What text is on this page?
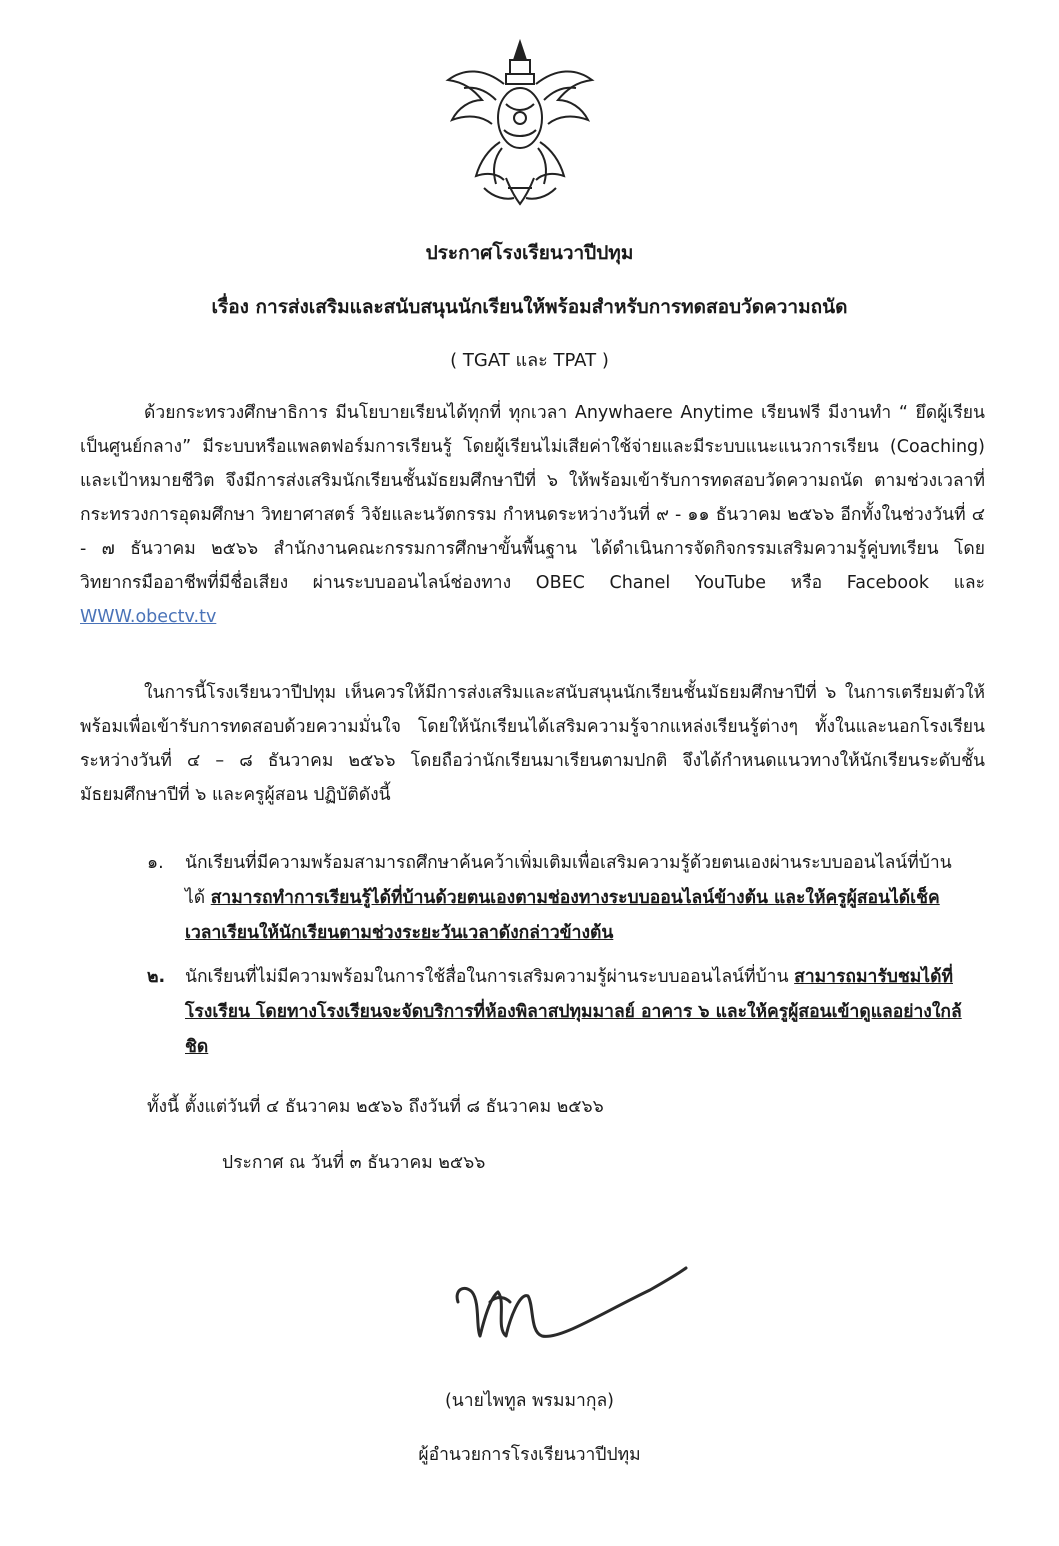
ประกาศโรงเรียนวาปีปทุม
เรื่อง การส่งเสริมและสนับสนุนนักเรียนให้พร้อมสำหรับการทดสอบวัดความถนัด
( TGAT และ TPAT )
ด้วยกระทรวงศึกษาธิการ มีนโยบายเรียนได้ทุกที่ ทุกเวลา Anywhaere Anytime เรียนฟรี มีงานทำ “ ยึดผู้เรียนเป็นศูนย์กลาง” มีระบบหรือแพลตฟอร์มการเรียนรู้ โดยผู้เรียนไม่เสียค่าใช้จ่ายและมีระบบแนะแนวการเรียน (Coaching) และเป้าหมายชีวิต จึงมีการส่งเสริมนักเรียนชั้นมัธยมศึกษาปีที่ ๖ ให้พร้อมเข้ารับการทดสอบวัดความถนัด ตามช่วงเวลาที่กระทรวงการอุดมศึกษา วิทยาศาสตร์ วิจัยและนวัตกรรม กำหนดระหว่างวันที่ ๙ - ๑๑ ธันวาคม ๒๕๖๖ อีกทั้งในช่วงวันที่ ๔ - ๗ ธันวาคม ๒๕๖๖ สำนักงานคณะกรรมการศึกษาขั้นพื้นฐาน ได้ดำเนินการจัดกิจกรรมเสริมความรู้คู่บทเรียน โดยวิทยากรมืออาชีพที่มีชื่อเสียง ผ่านระบบออนไลน์ช่องทาง OBEC Chanel YouTube หรือ Facebook และ WWW.obectv.tv
ในการนี้โรงเรียนวาปีปทุม เห็นควรให้มีการส่งเสริมและสนับสนุนนักเรียนชั้นมัธยมศึกษาปีที่ ๖ ในการเตรียมตัวให้พร้อมเพื่อเข้ารับการทดสอบด้วยความมั่นใจ โดยให้นักเรียนได้เสริมความรู้จากแหล่งเรียนรู้ต่างๆ ทั้งในและนอกโรงเรียน ระหว่างวันที่ ๔ – ๘ ธันวาคม ๒๕๖๖ โดยถือว่านักเรียนมาเรียนตามปกติ จึงได้กำหนดแนวทางให้นักเรียนระดับชั้นมัธยมศึกษาปีที่ ๖ และครูผู้สอน ปฏิบัติดังนี้
๑.	นักเรียนที่มีความพร้อมสามารถศึกษาค้นคว้าเพิ่มเติมเพื่อเสริมความรู้ด้วยตนเองผ่านระบบออนไลน์ที่บ้านได้ สามารถทำการเรียนรู้ได้ที่บ้านด้วยตนเองตามช่องทางระบบออนไลน์ข้างต้น และให้ครูผู้สอนได้เช็คเวลาเรียนให้นักเรียนตามช่วงระยะวันเวลาดังกล่าวข้างต้น
๒.	นักเรียนที่ไม่มีความพร้อมในการใช้สื่อในการเสริมความรู้ผ่านระบบออนไลน์ที่บ้าน สามารถมารับชมได้ที่โรงเรียน โดยทางโรงเรียนจะจัดบริการที่ห้องพิลาสปทุมมาลย์ อาคาร ๖ และให้ครูผู้สอนเข้าดูแลอย่างใกล้ชิด
ทั้งนี้ ตั้งแต่วันที่ ๔ ธันวาคม ๒๕๖๖ ถึงวันที่ ๘ ธันวาคม ๒๕๖๖
ประกาศ ณ วันที่ ๓ ธันวาคม ๒๕๖๖
(นายไพทูล พรมมากุล)
ผู้อำนวยการโรงเรียนวาปีปทุม
